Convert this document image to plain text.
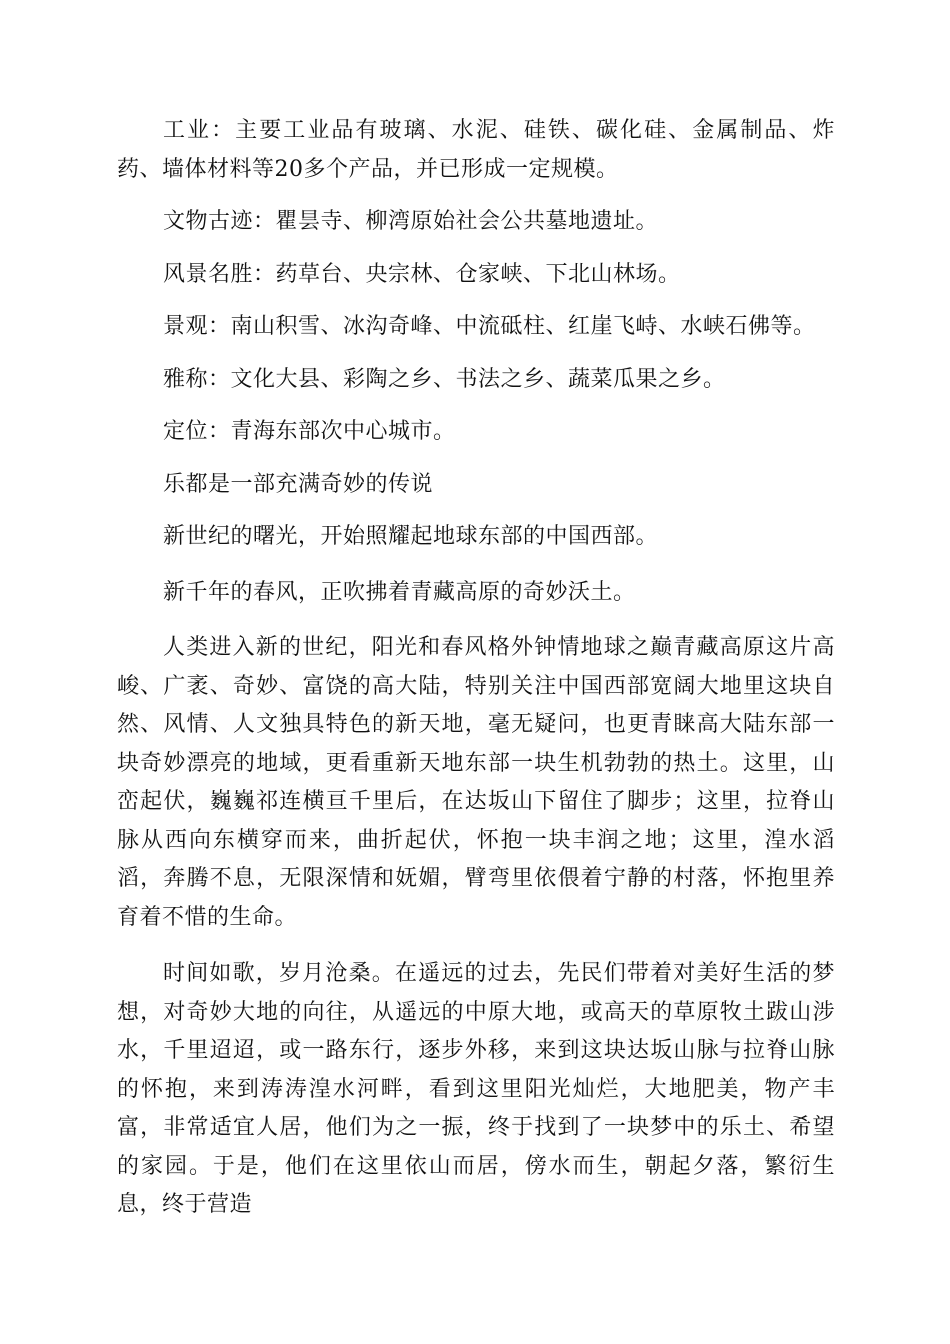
工业：主要工业品有玻璃、水泥、硅铁、碳化硅、金属制品、炸药、墙体材料等20多个产品，并已形成一定规模。

文物古迹：瞿昙寺、柳湾原始社会公共墓地遗址。

风景名胜：药草台、央宗林、仓家峡、下北山林场。

景观：南山积雪、冰沟奇峰、中流砥柱、红崖飞峙、水峡石佛等。

雅称：文化大县、彩陶之乡、书法之乡、蔬菜瓜果之乡。

定位：青海东部次中心城市。

乐都是一部充满奇妙的传说

新世纪的曙光，开始照耀起地球东部的中国西部。

新千年的春风，正吹拂着青藏高原的奇妙沃土。

人类进入新的世纪，阳光和春风格外钟情地球之巅青藏高原这片高峻、广袤、奇妙、富饶的高大陆，特别关注中国西部宽阔大地里这块自然、风情、人文独具特色的新天地，毫无疑问，也更青睐高大陆东部一块奇妙漂亮的地域，更看重新天地东部一块生机勃勃的热土。这里，山峦起伏，巍巍祁连横亘千里后，在达坂山下留住了脚步；这里，拉脊山脉从西向东横穿而来，曲折起伏，怀抱一块丰润之地；这里，湟水滔滔，奔腾不息，无限深情和妩媚，臂弯里依偎着宁静的村落，怀抱里养育着不惜的生命。

时间如歌，岁月沧桑。在遥远的过去，先民们带着对美好生活的梦想，对奇妙大地的向往，从遥远的中原大地，或高天的草原牧土跋山涉水，千里迢迢，或一路东行，逐步外移，来到这块达坂山脉与拉脊山脉的怀抱，来到涛涛湟水河畔，看到这里阳光灿烂，大地肥美，物产丰富，非常适宜人居，他们为之一振，终于找到了一块梦中的乐土、希望的家园。于是，他们在这里依山而居，傍水而生，朝起夕落，繁衍生息，终于营造
